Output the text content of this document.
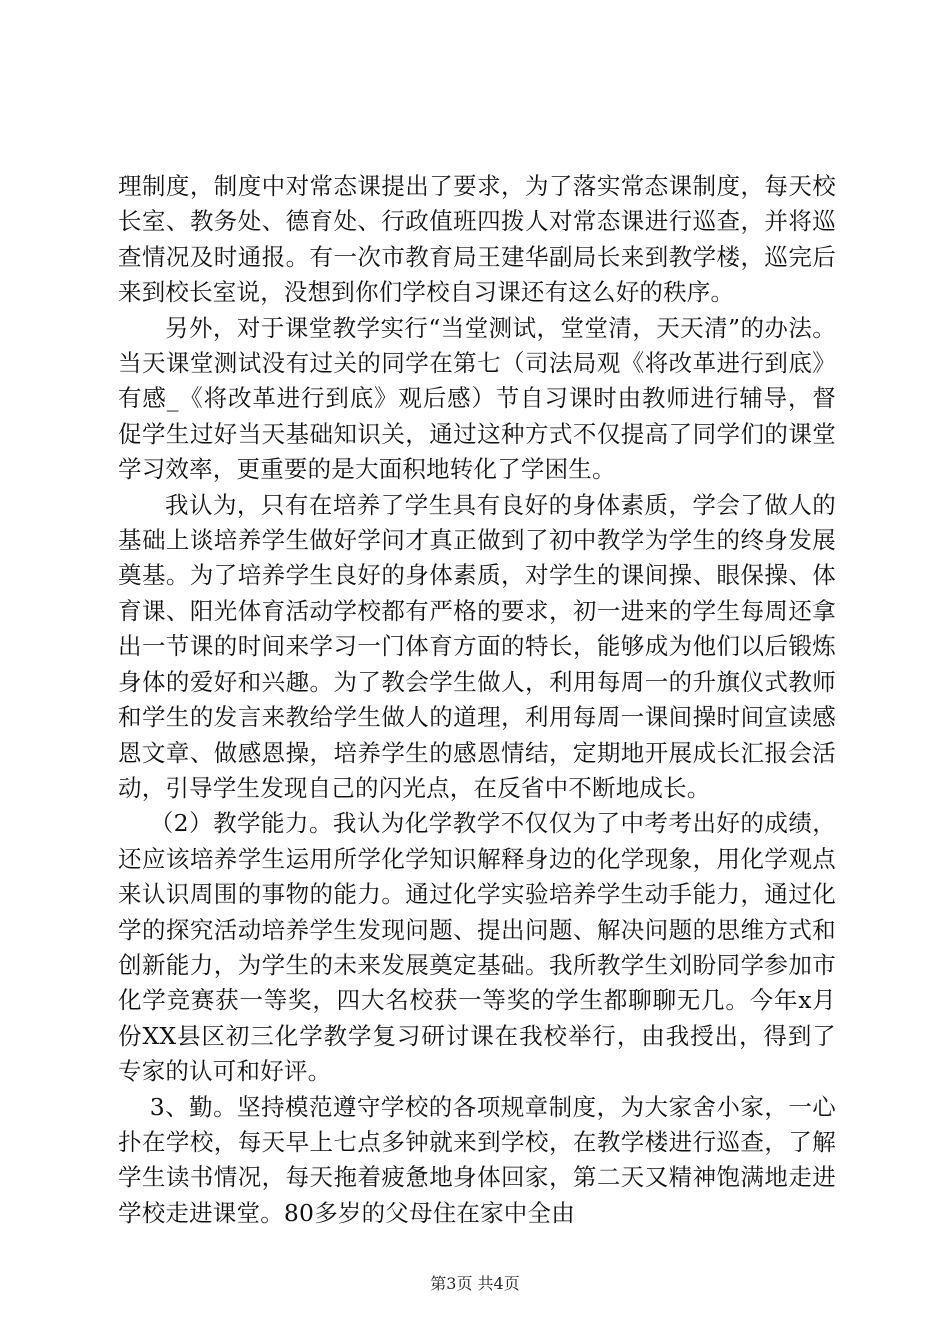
理制度，制度中对常态课提出了要求，为了落实常态课制度，每天校长室、教务处、德育处、行政值班四拨人对常态课进行巡查，并将巡查情况及时通报。有一次市教育局王建华副局长来到教学楼，巡完后来到校长室说，没想到你们学校自习课还有这么好的秩序。

另外，对于课堂教学实行“当堂测试，堂堂清，天天清”的办法。当天课堂测试没有过关的同学在第七（司法局观《将改革进行到底》有感_《将改革进行到底》观后感）节自习课时由教师进行辅导，督促学生过好当天基础知识关，通过这种方式不仅提高了同学们的课堂学习效率，更重要的是大面积地转化了学困生。

我认为，只有在培养了学生具有良好的身体素质，学会了做人的基础上谈培养学生做好学问才真正做到了初中教学为学生的终身发展奠基。为了培养学生良好的身体素质，对学生的课间操、眼保操、体育课、阳光体育活动学校都有严格的要求，初一进来的学生每周还拿出一节课的时间来学习一门体育方面的特长，能够成为他们以后锻炼身体的爱好和兴趣。为了教会学生做人，利用每周一的升旗仪式教师和学生的发言来教给学生做人的道理，利用每周一课间操时间宣读感恩文章、做感恩操，培养学生的感恩情结，定期地开展成长汇报会活动，引导学生发现自己的闪光点，在反省中不断地成长。

（2）教学能力。我认为化学教学不仅仅为了中考考出好的成绩，还应该培养学生运用所学化学知识解释身边的化学现象，用化学观点来认识周围的事物的能力。通过化学实验培养学生动手能力，通过化学的探究活动培养学生发现问题、提出问题、解决问题的思维方式和创新能力，为学生的未来发展奠定基础。我所教学生刘盼同学参加市化学竞赛获一等奖，四大名校获一等奖的学生都聊聊无几。今年x月份XX县区初三化学教学复习研讨课在我校举行，由我授出，得到了专家的认可和好评。

3、勤。坚持模范遵守学校的各项规章制度，为大家舍小家，一心扑在学校，每天早上七点多钟就来到学校，在教学楼进行巡查，了解学生读书情况，每天拖着疲惫地身体回家，第二天又精神饱满地走进学校走进课堂。80多岁的父母住在家中全由

第3页 共4页
